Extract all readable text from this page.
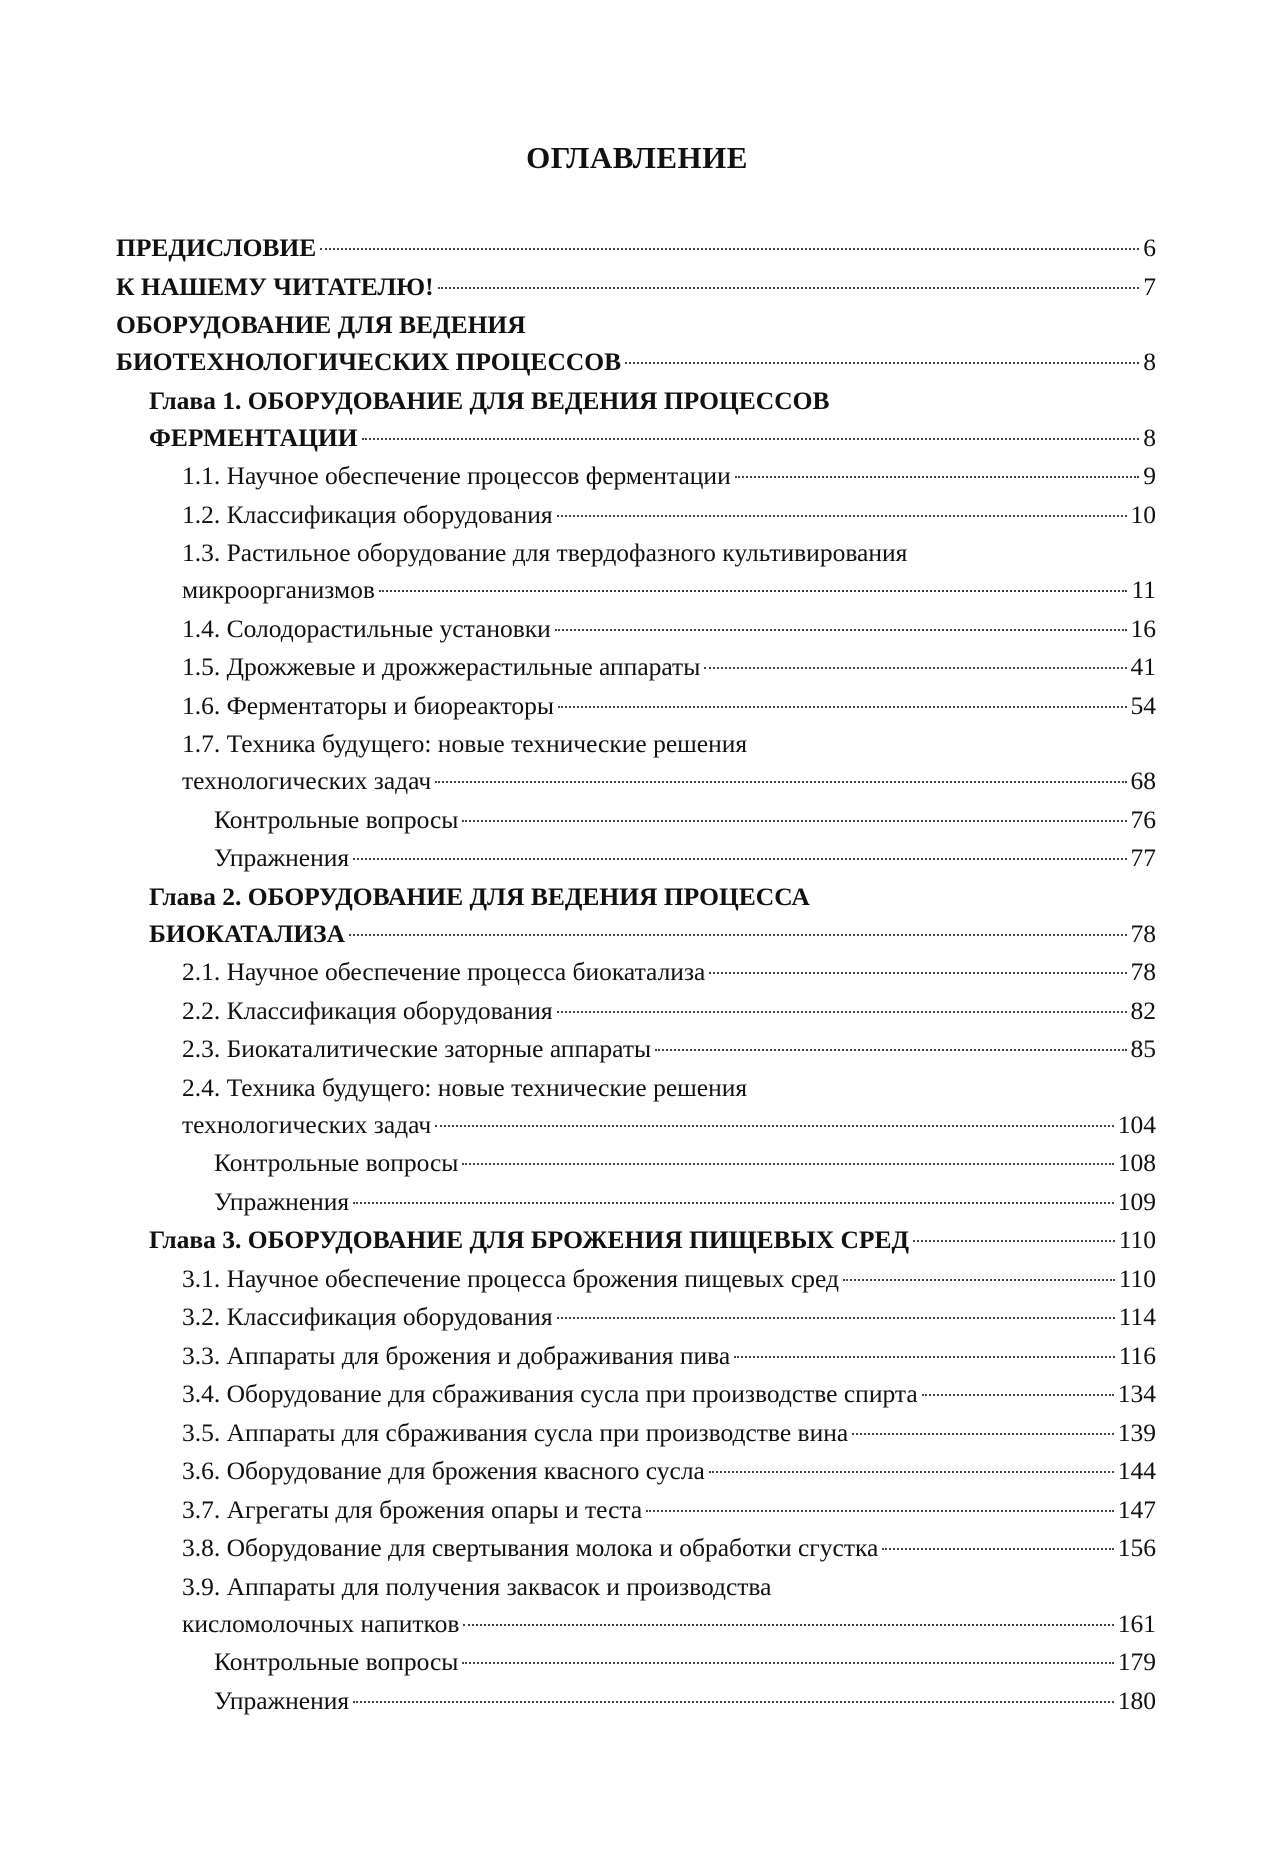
ОГЛАВЛЕНИЕ
ПРЕДИСЛОВИЕ	6
К НАШЕМУ ЧИТАТЕЛЮ!	7
ОБОРУДОВАНИЕ ДЛЯ ВЕДЕНИЯ
БИОТЕХНОЛОГИЧЕСКИХ ПРОЦЕССОВ	8
Глава 1. ОБОРУДОВАНИЕ ДЛЯ ВЕДЕНИЯ ПРОЦЕССОВ
ФЕРМЕНТАЦИИ	8
1.1. Научное обеспечение процессов ферментации	9
1.2. Классификация оборудования	10
1.3. Растильное оборудование для твердофазного культивирования
микроорганизмов	11
1.4. Солодорастильные установки	16
1.5. Дрожжевые и дрожжерастильные аппараты	41
1.6. Ферментаторы и биореакторы	54
1.7. Техника будущего: новые технические решения
технологических задач	68
Контрольные вопросы	76
Упражнения	77
Глава 2. ОБОРУДОВАНИЕ ДЛЯ ВЕДЕНИЯ ПРОЦЕССА
БИОКАТАЛИЗА	78
2.1. Научное обеспечение процесса биокатализа	78
2.2. Классификация оборудования	82
2.3. Биокаталитические заторные аппараты	85
2.4. Техника будущего: новые технические решения
технологических задач	104
Контрольные вопросы	108
Упражнения	109
Глава 3. ОБОРУДОВАНИЕ ДЛЯ БРОЖЕНИЯ ПИЩЕВЫХ СРЕД	110
3.1. Научное обеспечение процесса брожения пищевых сред	110
3.2. Классификация оборудования	114
3.3. Аппараты для брожения и дображивания пива	116
3.4. Оборудование для сбраживания сусла при производстве спирта	134
3.5. Аппараты для сбраживания сусла при производстве вина	139
3.6. Оборудование для брожения квасного сусла	144
3.7. Агрегаты для брожения опары и теста	147
3.8. Оборудование для свертывания молока и обработки сгустка	156
3.9. Аппараты для получения заквасок и производства
кисломолочных напитков	161
Контрольные вопросы	179
Упражнения	180
